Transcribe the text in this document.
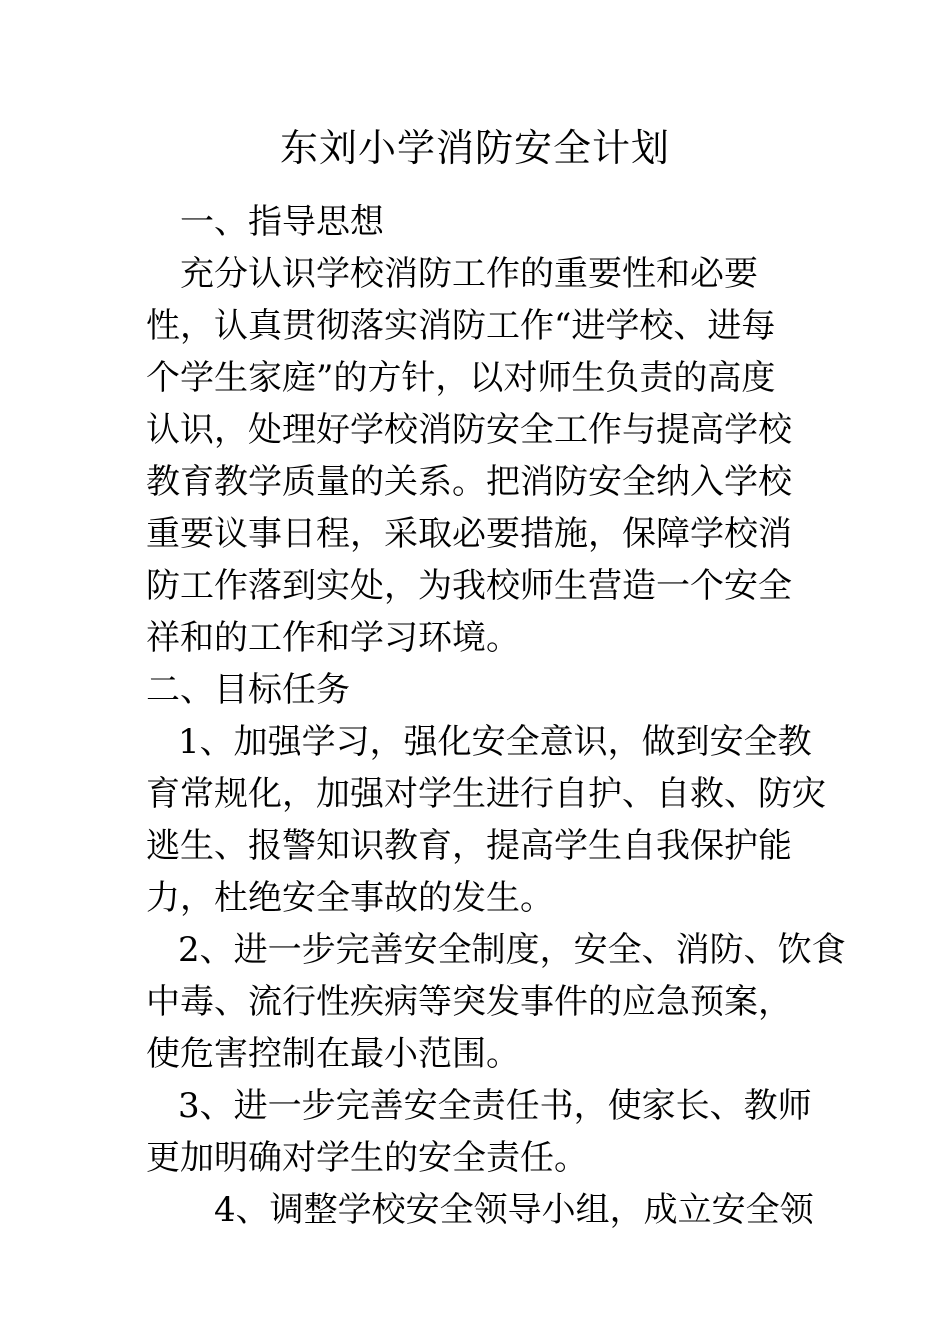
东刘小学消防安全计划
一、指导思想
充分认识学校消防工作的重要性和必要
性，认真贯彻落实消防工作“进学校、进每
个学生家庭”的方针，以对师生负责的高度
认识，处理好学校消防安全工作与提高学校
教育教学质量的关系。把消防安全纳入学校
重要议事日程，采取必要措施，保障学校消
防工作落到实处，为我校师生营造一个安全
祥和的工作和学习环境。
二、目标任务
1、加强学习，强化安全意识，做到安全教
育常规化，加强对学生进行自护、自救、防灾
逃生、报警知识教育，提高学生自我保护能
力，杜绝安全事故的发生。
2、进一步完善安全制度，安全、消防、饮食
中毒、流行性疾病等突发事件的应急预案，
使危害控制在最小范围。
3、进一步完善安全责任书，使家长、教师
更加明确对学生的安全责任。
4、调整学校安全领导小组，成立安全领
